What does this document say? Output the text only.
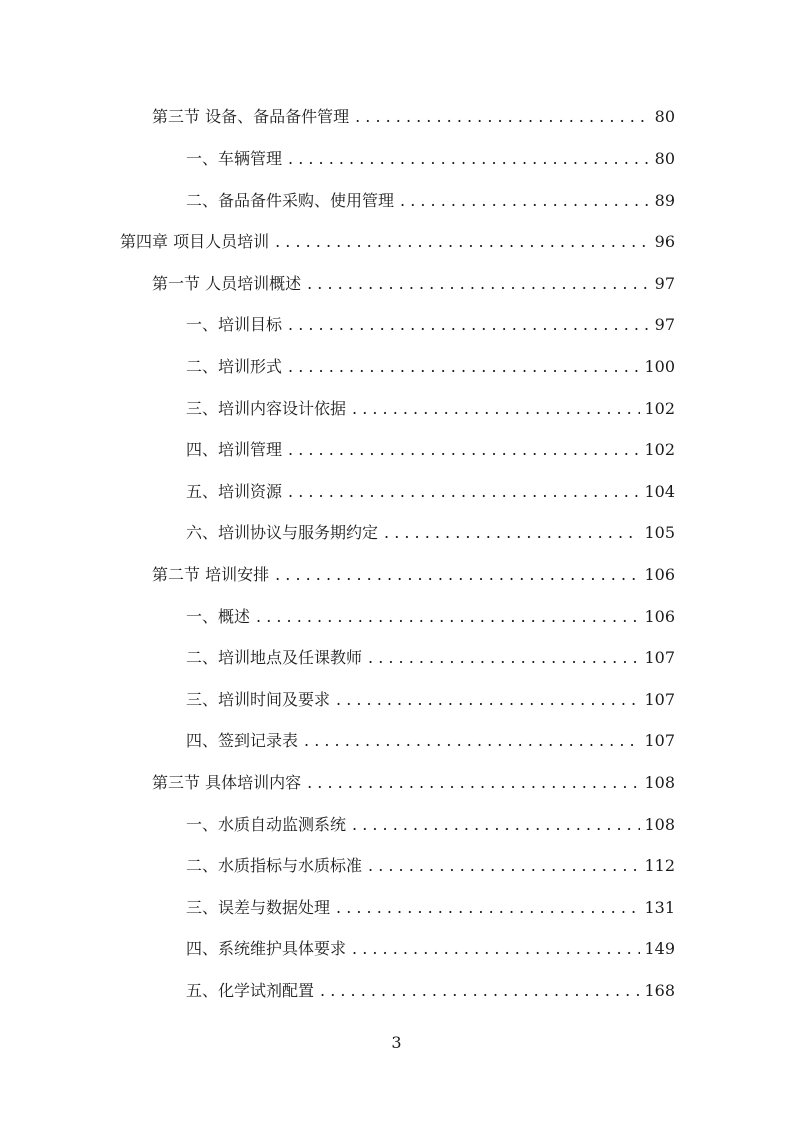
第三节 设备、备品备件管理 . . .	80
一、车辆管理 . . .	80
二、备品备件采购、使用管理 . . .	89
第四章 项目人员培训 . . .	96
第一节 人员培训概述 . . .	97
一、培训目标 . . .	97
二、培训形式 . . .	100
三、培训内容设计依据 . . .	102
四、培训管理 . . .	102
五、培训资源 . . .	104
六、培训协议与服务期约定 . . .	105
第二节 培训安排 . . .	106
一、概述 . . .	106
二、培训地点及任课教师 . . .	107
三、培训时间及要求 . . .	107
四、签到记录表 . . .	107
第三节 具体培训内容 . . .	108
一、水质自动监测系统 . . .	108
二、水质指标与水质标准 . . .	112
三、误差与数据处理 . . .	131
四、系统维护具体要求 . . .	149
五、化学试剂配置 . . .	168
3
